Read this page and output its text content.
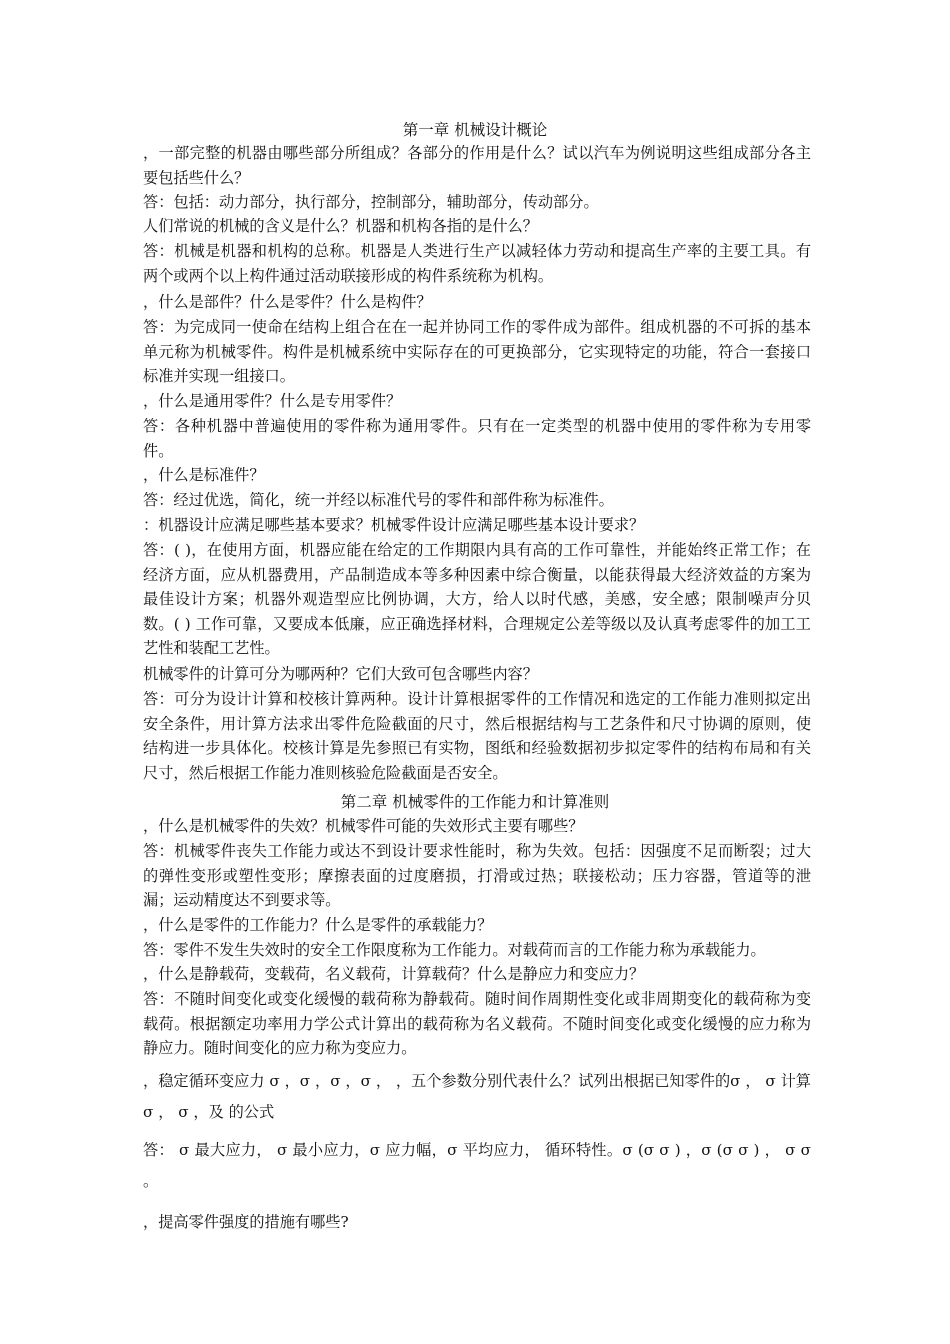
第一章 机械设计概论
，一部完整的机器由哪些部分所组成？各部分的作用是什么？试以汽车为例说明这些组成部分各主要包括些什么？
答：包括：动力部分，执行部分，控制部分，辅助部分，传动部分。
人们常说的机械的含义是什么？机器和机构各指的是什么？
答：机械是机器和机构的总称。机器是人类进行生产以减轻体力劳动和提高生产率的主要工具。有两个或两个以上构件通过活动联接形成的构件系统称为机构。
，什么是部件？什么是零件？什么是构件？
答：为完成同一使命在结构上组合在在一起并协同工作的零件成为部件。组成机器的不可拆的基本单元称为机械零件。构件是机械系统中实际存在的可更换部分，它实现特定的功能，符合一套接口标准并实现一组接口。
，什么是通用零件？什么是专用零件？
答：各种机器中普遍使用的零件称为通用零件。只有在一定类型的机器中使用的零件称为专用零件。
，什么是标准件？
答：经过优选，简化，统一并经以标准代号的零件和部件称为标准件。
：机器设计应满足哪些基本要求？机械零件设计应满足哪些基本设计要求？
答：( )，在使用方面，机器应能在给定的工作期限内具有高的工作可靠性，并能始终正常工作；在经济方面，应从机器费用，产品制造成本等多种因素中综合衡量，以能获得最大经济效益的方案为最佳设计方案；机器外观造型应比例协调，大方，给人以时代感，美感，安全感；限制噪声分贝数。( ) 工作可靠，又要成本低廉，应正确选择材料，合理规定公差等级以及认真考虑零件的加工工艺性和装配工艺性。
机械零件的计算可分为哪两种？它们大致可包含哪些内容？
答：可分为设计计算和校核计算两种。设计计算根据零件的工作情况和选定的工作能力准则拟定出安全条件，用计算方法求出零件危险截面的尺寸，然后根据结构与工艺条件和尺寸协调的原则，使结构进一步具体化。校核计算是先参照已有实物，图纸和经验数据初步拟定零件的结构布局和有关尺寸，然后根据工作能力准则核验危险截面是否安全。
第二章 机械零件的工作能力和计算准则
，什么是机械零件的失效？机械零件可能的失效形式主要有哪些？
答：机械零件丧失工作能力或达不到设计要求性能时，称为失效。包括：因强度不足而断裂；过大的弹性变形或塑性变形；摩擦表面的过度磨损，打滑或过热；联接松动；压力容器，管道等的泄漏；运动精度达不到要求等。
，什么是零件的工作能力？什么是零件的承载能力？
答：零件不发生失效时的安全工作限度称为工作能力。对载荷而言的工作能力称为承载能力。
，什么是静载荷，变载荷，名义载荷，计算载荷？什么是静应力和变应力？
答：不随时间变化或变化缓慢的载荷称为静载荷。随时间作周期性变化或非周期变化的载荷称为变载荷。根据额定功率用力学公式计算出的载荷称为名义载荷。不随时间变化或变化缓慢的应力称为静应力。随时间变化的应力称为变应力。
，稳定循环变应力 σ ，σ ，σ ，σ ， ，五个参数分别代表什么？试列出根据已知零件的σ ， σ 计算 σ ， σ ，及 的公式
答： σ 最大应力， σ 最小应力，σ 应力幅，σ 平均应力， 循环特性。σ (σ σ ) ，σ (σ σ ) ， σ σ 。
，提高零件强度的措施有哪些?
